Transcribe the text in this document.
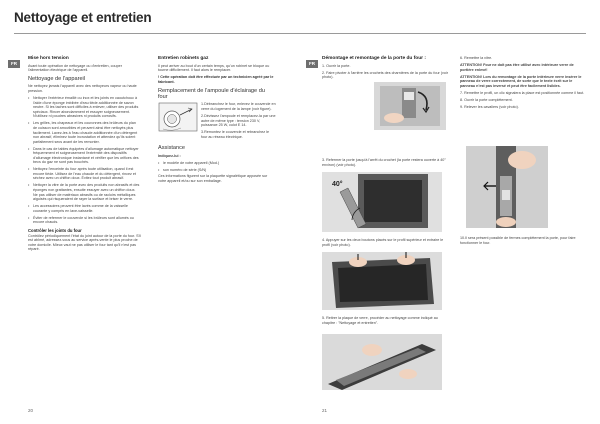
Nettoyage et entretien
FR	FR
Mise hors tension

Avant toute opération de nettoyage ou d'entretien, couper l'alimentation électrique de l'appareil.

Nettoyage de l'appareil

Ne nettoyez jamais l'appareil avec des nettoyeurs vapeur ou haute pression.

• Nettoyer l'extérieur émaillé ou inox et les joints en caoutchouc à l'aide d'une éponge imbibée d'eau tiède additionnée de savon neutre. Si les taches sont difficiles à enlever, utiliser des produits spéciaux. Rincer abondamment et essuyer soigneusement. N'utilisez ni poudres abrasives ni produits corrosifs.
• Les grilles, les chapeaux et les couronnes des brûleurs du plan de cuisson sont amovibles et peuvent ainsi être nettoyés plus facilement. Lavez-les à l'eau chaude additionnée d'un détergent non abrasif, éliminez toute incrustation et attendez qu'ils soient parfaitement secs avant de les remonter.
• Dans le cas de tables équipées d'allumage automatique nettoyer fréquemment et soigneusement l'extrémité des dispositifs d'allumage électronique instantané et vérifier que les orifices des becs du gaz ne sont pas bouchés.
• Nettoyez l'enceinte du four après toute utilisation, quand il est encore tiède. Utilisez de l'eau chaude et du détergent, rincez et séchez avec un chiffon doux. Évitez tout produit abrasif.
• Nettoyer la vitre de la porte avec des produits non abrasifs et des éponges non grattantes, ensuite essuyer avec un chiffon doux. Ne pas utiliser de matériaux abrasifs ou de racloirs métalliques aiguisés qui risqueraient de rayer la surface et briser le verre.
• Les accessoires peuvent être lavés comme de la vaisselle courante y compris en lave-vaisselle.
• Éviter de refermer le couvercle si les brûleurs sont allumés ou encore chauds.
Contrôler les joints du four

Contrôlez périodiquement l'état du joint autour de la porte du four. S'il est abîmé, adressez-vous au service après-vente le plus proche de votre domicile. Mieux vaut ne pas utiliser le four tant qu'il n'est pas réparé.

Entretien robinets gaz

Il peut arriver au bout d'un certain temps, qu'un robinet se bloque ou tourne difficilement. Il faut alors le remplacer.

! Cette opération doit être effectuée par un technicien agréé par le fabricant.

Remplacement de l'ampoule d'éclairage du four

1.Débranchez le four, enlevez le couvercle en verre du logement de la lampe (voir figure).

2.Dévissez l'ampoule et remplacez-la par une autre de même type : tension 230 V, puissance 25 W, culot E 14.

3.Remontez le couvercle et rebranchez le four au réseau électrique.

Assistance

Indiquez-lui :

• le modèle de votre appareil (Mod.)
• son numéro de série (S/N)

Ces informations figurent sur la plaquette signalétique apposée sur votre appareil et/ou sur son emballage.

20
Démontage et remontage de la porte du four :

1. Ouvrir la porte.

2. Faire pivoter à l'arrière les crochets des charnières de la porte du four (voir photo).

3. Refermer la porte jusqu'à l'arrêt du crochet (la porte restera ouverte à 40° environ) (voir photo).

40°

4. Appuyer sur les deux boutons placés sur le profil supérieur et extraire le profil (voir photo).

5. Retirer la plaque de verre, procéder au nettoyage comme indiqué au chapitre : "Nettoyage et entretien".

6. Remettre la vitre.

ATTENTION! Four ne doit pas être utilisé avec intérieure verre de portière enlevé!

ATTENTION! Lors du remontage de la porte intérieure verre insérer le panneau de verre correctement, de sorte que le texte écrit sur le panneau n'est pas inversé et peut être facilement lisibles.

7. Remettre le profil, un clic signalera la place est positionnée comme il faut.

8. Ouvrir la porte complètement.

9. Relever les cavaliers (voir photo).

10.Il sera présent possible de fermes complètement la porte, pour faire fonctionner le four.

21
